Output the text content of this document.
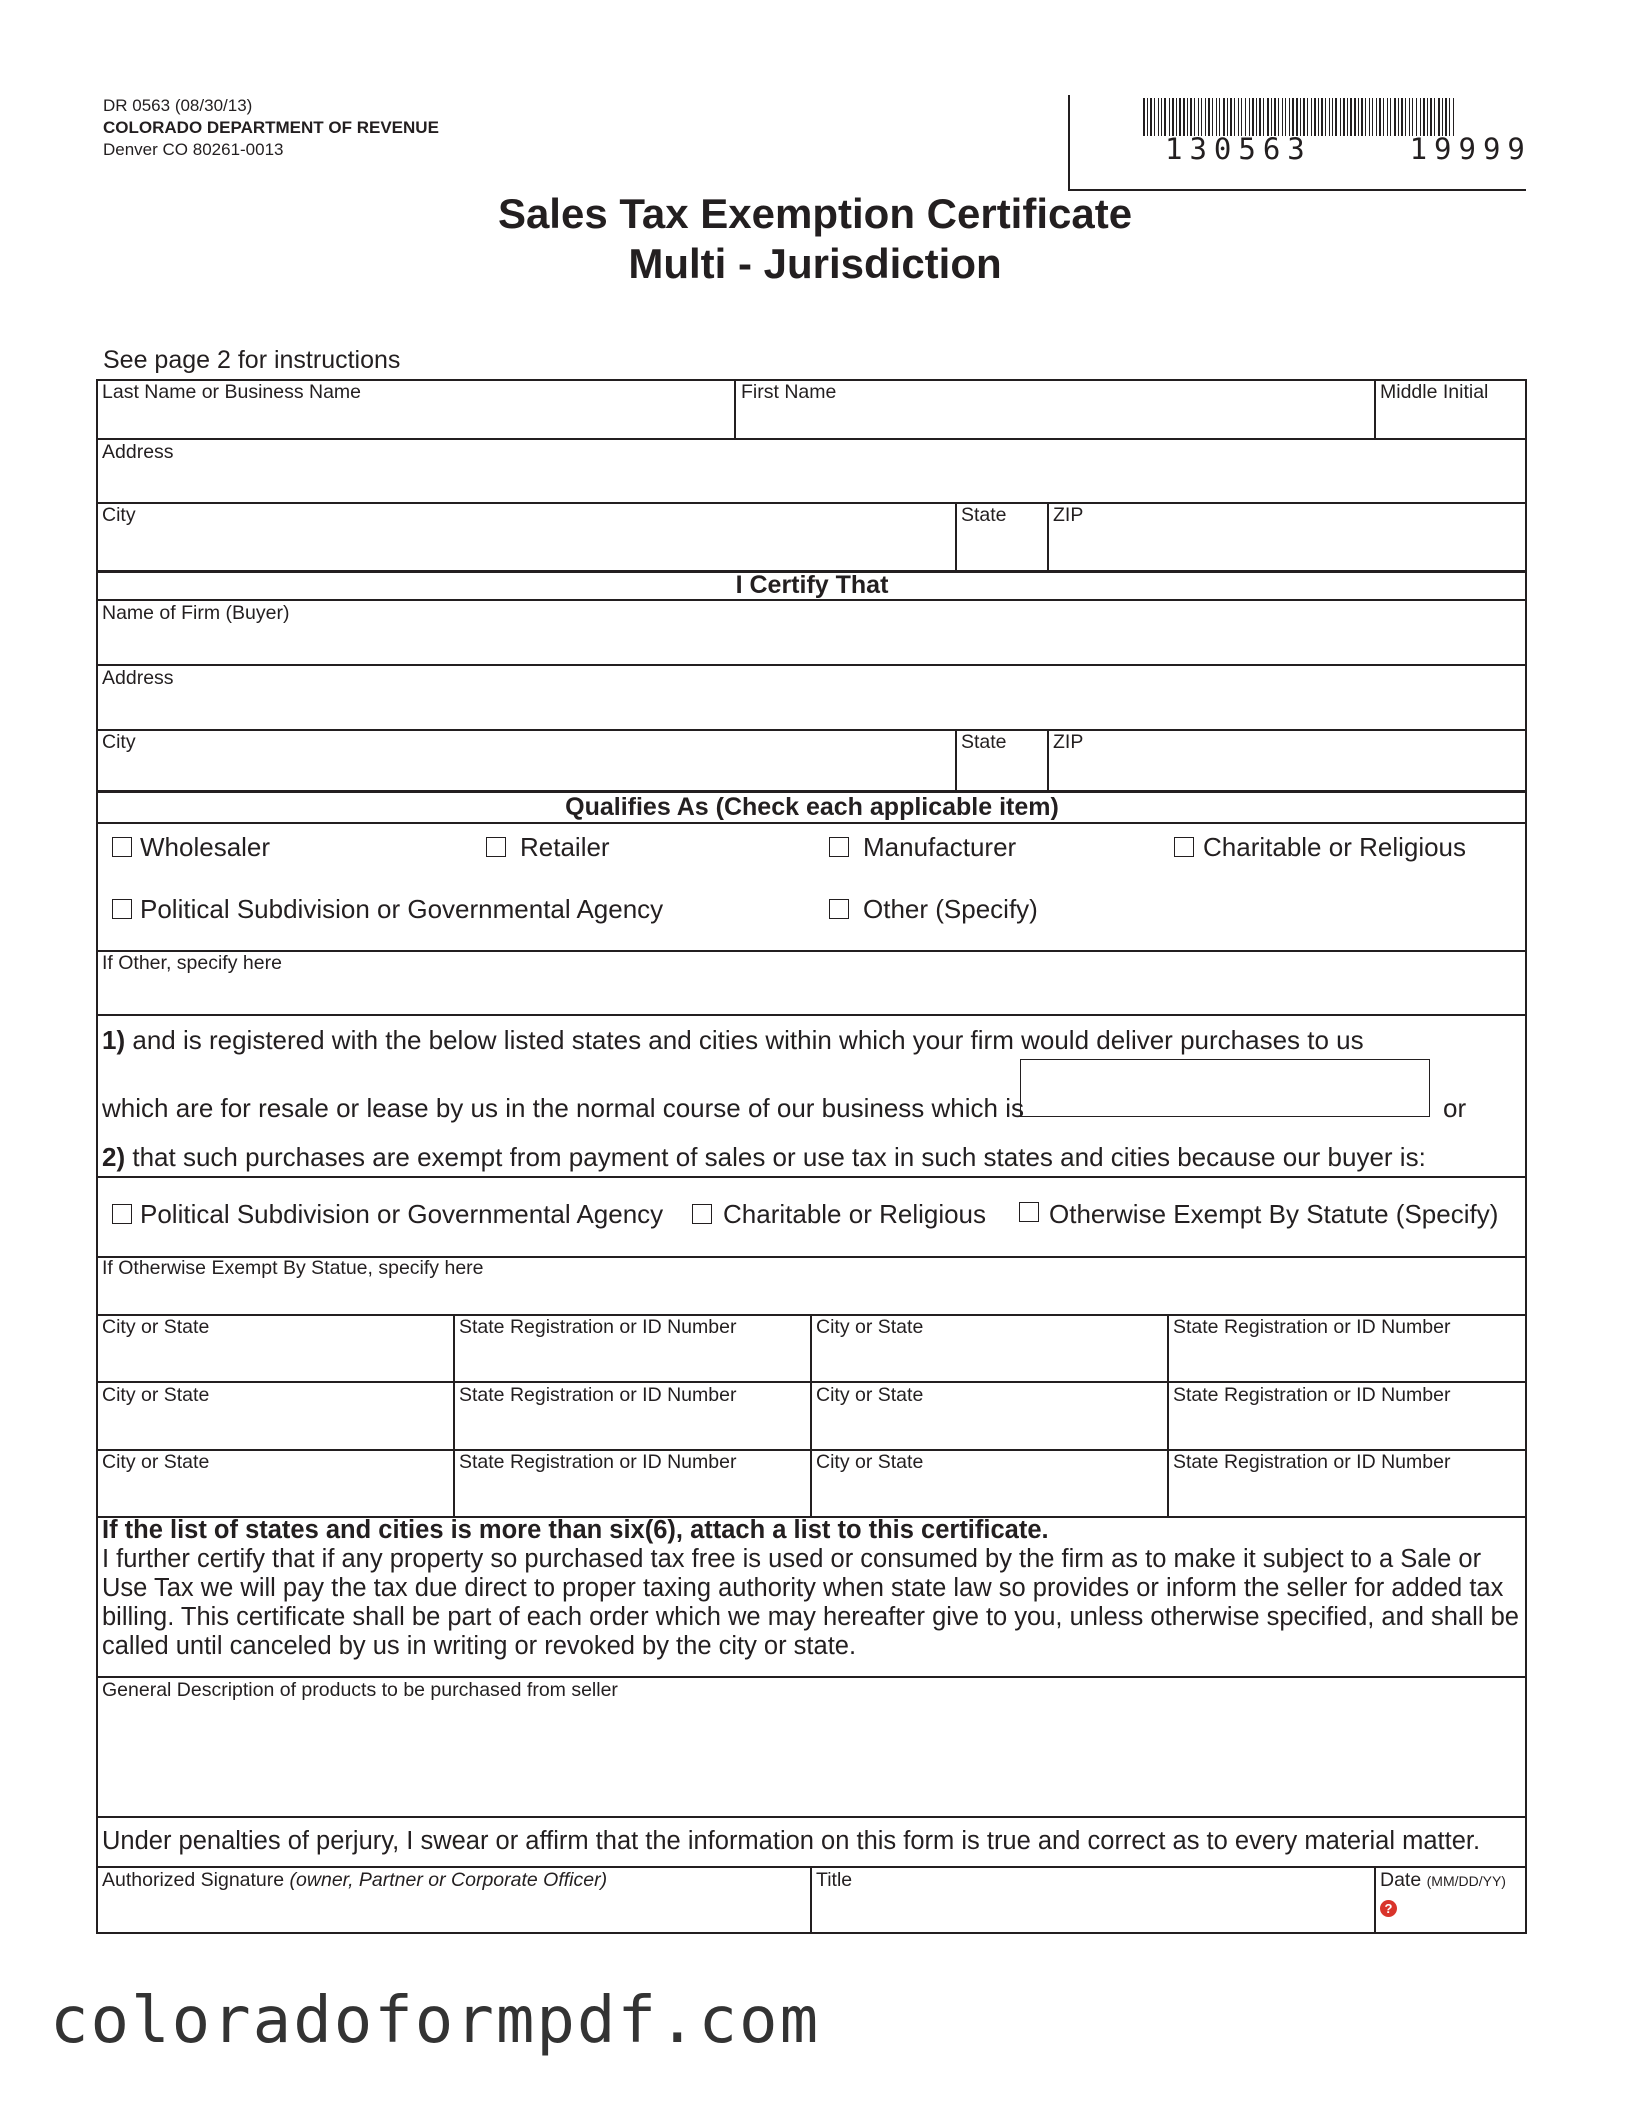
DR 0563 (08/30/13)
COLORADO DEPARTMENT OF REVENUE
Denver CO 80261-0013	130563    19999
Sales Tax Exemption Certificate
Multi - Jurisdiction
See page 2 for instructions
Last Name or Business Name	First Name	Middle Initial
Address
City	State ZIP
I Certify That
Name of Firm (Buyer)
Address
City	State ZIP
Qualifies As (Check each applicable item)
Wholesaler	Retailer	Manufacturer	Charitable or Religious
Political Subdivision or Governmental Agency	Other (Specify)
If Other, specify here
1) and is registered with the below listed states and cities within which your firm would deliver purchases to us
which are for resale or lease by us in the normal course of our business which is	or
2) that such purchases are exempt from payment of sales or use tax in such states and cities because our buyer is:
Political Subdivision or Governmental Agency Charitable or Religious Otherwise Exempt By Statute (Specify)
If Otherwise Exempt By Statue, specify here
City or State	State Registration or ID Number	City or State	State Registration or ID Number
City or State	State Registration or ID Number	City or State	State Registration or ID Number
City or State	State Registration or ID Number	City or State	State Registration or ID Number
If the list of states and cities is more than six(6), attach a list to this certificate.
I further certify that if any property so purchased tax free is used or consumed by the firm as to make it subject to a Sale or Use Tax we will pay the tax due direct to proper taxing authority when state law so provides or inform the seller for added tax billing. This certificate shall be part of each order which we may hereafter give to you, unless otherwise specified, and shall be called until canceled by us in writing or revoked by the city or state.
General Description of products to be purchased from seller
Under penalties of perjury, I swear or affirm that the information on this form is true and correct as to every material matter.
Authorized Signature (owner, Partner or Corporate Officer)	Title	Date (MM/DD/YY)
?
coloradoformpdf.com
